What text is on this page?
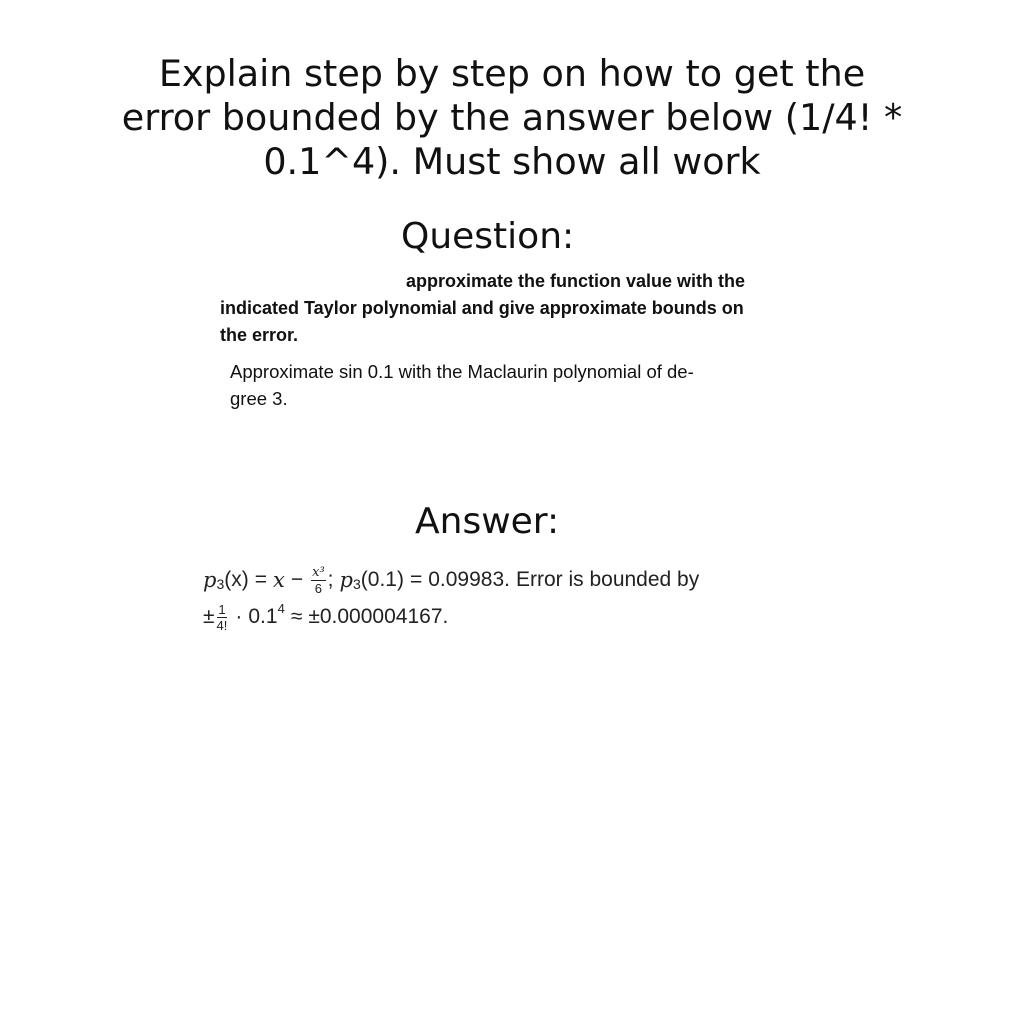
Explain step by step on how to get the
error bounded by the answer below (1/4! *
0.1^4). Must show all work
Question:
approximate the function value with the
indicated Taylor polynomial and give approximate bounds on
the error.
Approximate sin 0.1 with the Maclaurin polynomial of de-
gree 3.
Answer:
p 3 $(x) = x - \frac{\text{x³}}{6}$ ; p 3 (0.1) = 0.09983. Error is bounded by
± $\frac{1}{4!} \cdot 0.1$ 4 ≈ ±0.000004167.
